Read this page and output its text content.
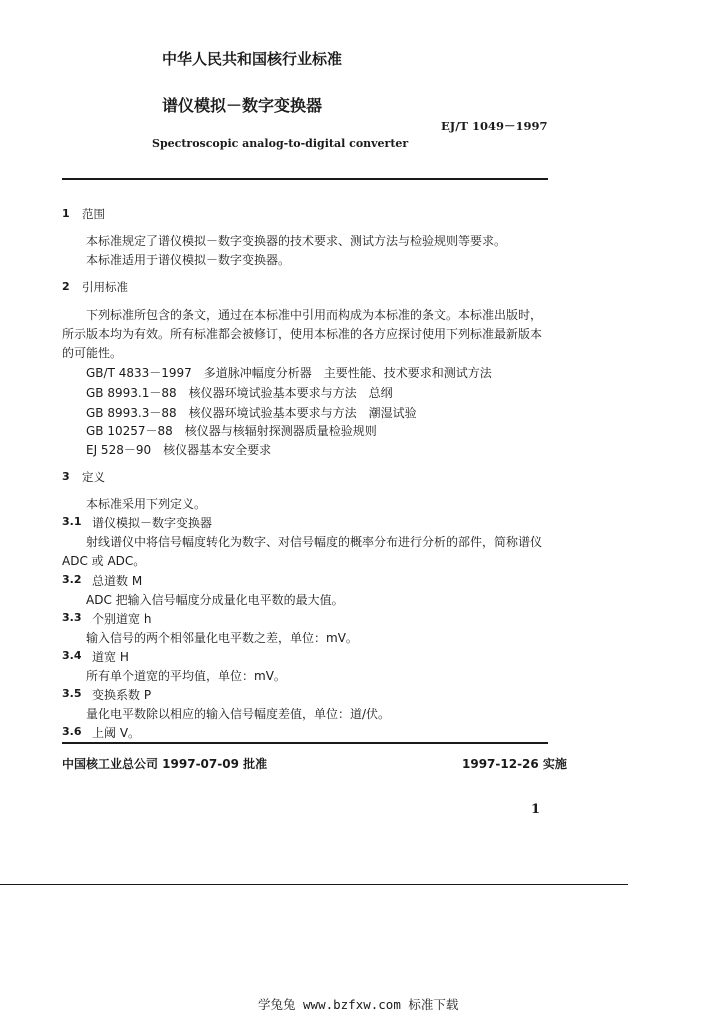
中华人民共和国核行业标准
谱仪模拟－数字变换器
EJ/T 1049－1997
Spectroscopic analog-to-digital converter
1 范围
本标准规定了谱仪模拟－数字变换器的技术要求、测试方法与检验规则等要求。
本标准适用于谱仪模拟－数字变换器。
2 引用标准
下列标准所包含的条文，通过在本标准中引用而构成为本标准的条文。本标准出版时，
所示版本均为有效。所有标准都会被修订，使用本标准的各方应探讨使用下列标准最新版本
的可能性。
GB/T 4833－1997　多道脉冲幅度分析器　主要性能、技术要求和测试方法
GB 8993.1－88　核仪器环境试验基本要求与方法　总纲
GB 8993.3－88　核仪器环境试验基本要求与方法　潮湿试验
GB 10257－88　核仪器与核辐射探测器质量检验规则
EJ 528－90　核仪器基本安全要求
3 定义
本标准采用下列定义。
3.1 谱仪模拟－数字变换器
射线谱仪中将信号幅度转化为数字、对信号幅度的概率分布进行分析的部件，简称谱仪
ADC 或 ADC。
3.2 总道数 M
ADC 把输入信号幅度分成量化电平数的最大值。
3.3 个别道宽 h
输入信号的两个相邻量化电平数之差，单位：mV。
3.4 道宽 H
所有单个道宽的平均值，单位：mV。
3.5 变换系数 P
量化电平数除以相应的输入信号幅度差值，单位：道/伏。
3.6 上阈 V。
中国核工业总公司 1997-07-09 批准	1997-12-26 实施
1
学兔兔 www.bzfxw.com 标准下载
